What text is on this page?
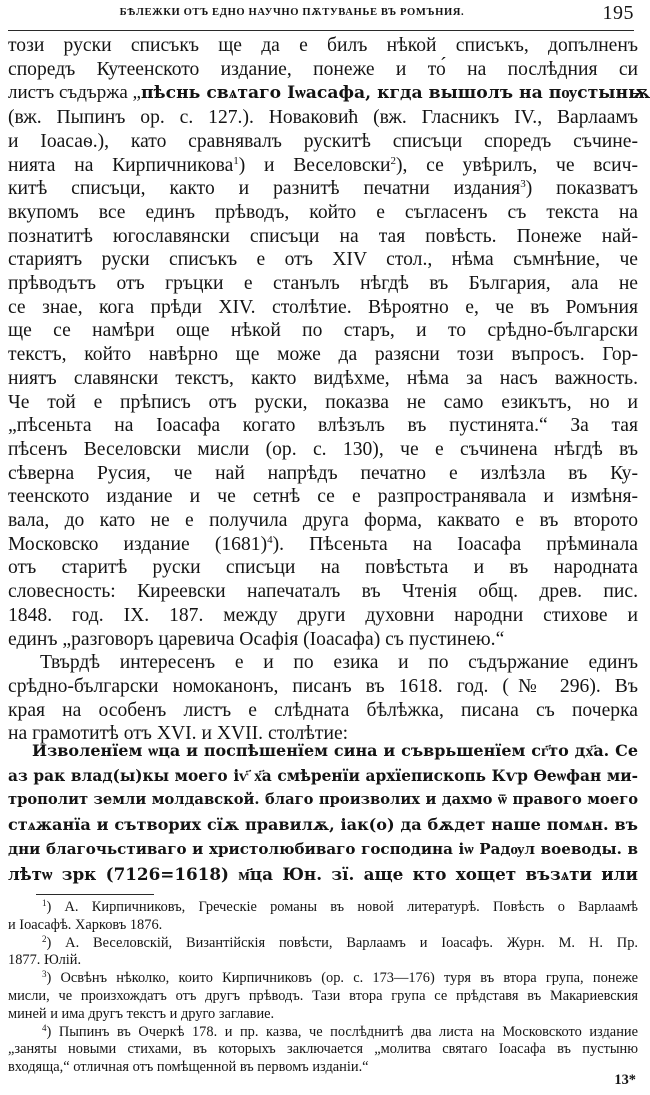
БѢЛЕЖКИ ОТЪ ЕДНО НАУЧНО ПѪТУВАНЬЕ ВЪ РОМЪНИЯ.	195
този руски списъкъ ще да е билъ нѣкой списъкъ, допълненъ
споредъ Кутеенското издание, понеже и то́ на послѣдния си
листъ съдържа „пѣснь свѧтаго Іѡасафа, кгда вышолъ на пѹстынѭ
(вж. Пыпинъ ор. с. 127.). Новаковић (вж. Гласникъ IV., Варлаамъ
и Іоасаѳ.), като сравнявалъ рускитѣ списъци споредъ съчине-
нията на Кирпичникова$^1$) и Веселовски$^2$), се увѣрилъ, че всич-
китѣ списъци, както и разнитѣ печатни издания$^3$) показватъ
вкупомъ все единъ прѣводъ, който е съгласенъ съ текста на
познатитѣ югославянски списъци на тая повѣсть. Понеже най-
стариятъ руски списъкъ е отъ XIV стол., нѣма съмнѣние, че
прѣводътъ отъ гръцки е станълъ нѣгдѣ въ България, ала не
се знае, кога прѣди XIV. столѣтие. Вѣроятно е, че въ Ромъния
ще се намѣри още нѣкой по старъ, и то срѣдно-български
текстъ, който навѣрно ще може да разясни този въпросъ. Гор-
ниятъ славянски текстъ, както видѣхме, нѣма за насъ важность.
Че той е прѣписъ отъ руски, показва не само езикътъ, но и
„пѣсеньта на Іоасафа когато влѣзълъ въ пустинята.“ За тая
пѣсенъ Веселовски мисли (ор. с. 130), че е съчинена нѣгдѣ въ
сѣверна Русия, че най напрѣдъ печатно е излѣзла въ Ку-
теенското издание и че сетнѣ се е разпространявала и измѣня-
вала, до като не е получила друга форма, каквато е въ второто
Московско издание $(1681)^4$). Пѣсеньта на Іоасафа прѣминала
отъ старитѣ руски списъци на повѣстьта и въ народната
словесность: Киреевски напечаталъ въ Чтенія общ. древ. пис.
1848. год. IX. 187. между други духовни народни стихове и
единъ „разговоръ царевича Осафія (Іоасафа) съ пустинею.“
Твърдѣ интересенъ е и по езика и по съдържание единъ
срѣдно-български номоканонъ, писанъ въ 1618. год. (№ 296). Въ
края на особенъ листъ е слѣдната бѣлѣжка, писана съ почерка
на грамотитѣ отъ XVI. и XVII. столѣтие:
Изволенїем ѡца и поспѣшенїем сина и съврьшенїем сг҃то дх҃а. Се
аз рак влад(ы)кы моего іѵ҃ х҃а смѣренїи архїепископь Кѵр Ѳеѡфан ми-
трополит земли молдавской. благо произволих и дахмо ѿ правого моего
стѧжанїа и сътворих сїѫ правилѫ, іак(о) да бѫдет наше помѧн. въ
дни благочьстиваго и христолюбиваго господина іѡ Радѹл воеводы. в
лѣтѡ зрк (7126=1618) м҃ца Юн. зї. аще кто хощет възѧти или
$^1$) А. Кирпичниковъ, Греческіе романы въ новой литературѣ. Повѣсть о Варлаамѣ
и Іоасафѣ. Харковъ 1876.
$^2$) А. Веселовскій, Византійскія повѣсти, Варлаамъ и Іоасафъ. Журн. М. Н. Пр.
1877. Юлій.
$^3$) Освѣнъ нѣколко, които Кирпичниковъ (ор. с. 173—176) туря въ втора група, понеже
мисли, че произхождатъ отъ другъ прѣводъ. Тази втора група се прѣдставя въ Макариевския
миней и има другъ текстъ и друго заглавие.
$^4$) Пыпинъ въ Очеркѣ 178. и пр. казва, че послѣднитѣ два листа на Московското издание
„заняты новыми стихами, въ которыхъ заключается „молитва святаго Іоасафа въ пустыню
входяща,“ отличная отъ помѣщенной въ первомъ изданіи.“
13*
